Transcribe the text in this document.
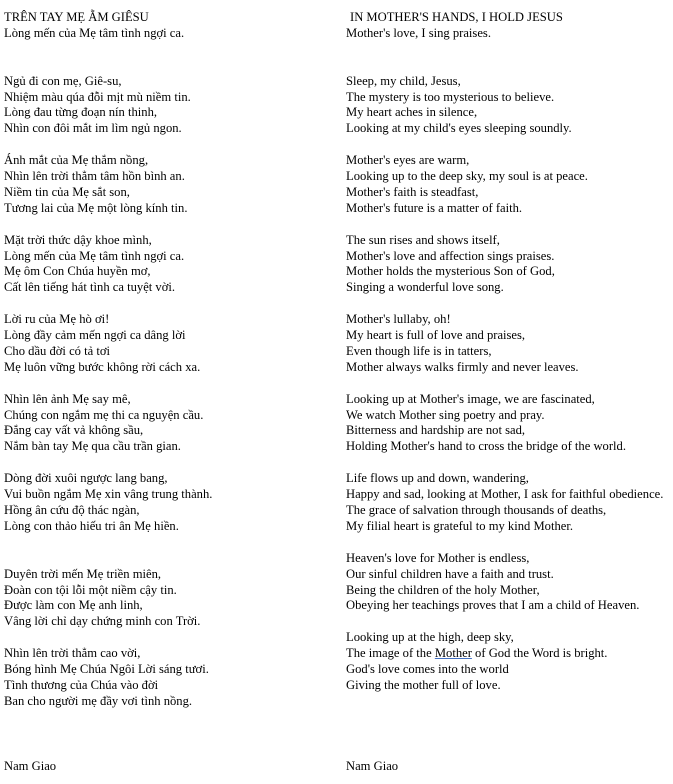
TRÊN TAY MẸ ẴM GIÊSU
Lòng mến của Mẹ tâm tình ngợi ca.
Ngủ đi con mẹ, Giê-su,
Nhiệm màu qúa đỗi mịt mù niềm tin.
Lòng đau từng đoạn nín thinh,
Nhìn con đôi mắt im lìm ngủ ngon.
Ánh mắt của Mẹ thắm nồng,
Nhìn lên trời thẳm tâm hồn bình an.
Niềm tin của Mẹ sắt son,
Tương lai của Mẹ một lòng kính tin.
Mặt trời thức dậy khoe mình,
Lòng mến của Mẹ tâm tình ngợi ca.
Mẹ ôm Con Chúa huyền mơ,
Cất lên tiếng hát tình ca tuyệt vời.
Lời ru của Mẹ hò ơi!
Lòng đầy cảm mến ngợi ca dâng lời
Cho dầu đời có tả tơi
Mẹ luôn vững bước không rời cách xa.
Nhìn lên ảnh Mẹ say mê,
Chúng con ngắm mẹ thi ca nguyện cầu.
Đắng cay vất vả không sầu,
Nắm bàn tay Mẹ qua cầu trần gian.
Dòng đời xuôi ngược lang bang,
Vui buồn ngắm Mẹ xin vâng trung thành.
Hồng ân cứu độ thác ngàn,
Lòng con thảo hiếu tri ân Mẹ hiền.
Duyên trời mến Mẹ triền miên,
Đoàn con tội lỗi một niềm cậy tin.
Được làm con Mẹ anh linh,
Vâng lời chỉ dạy chứng minh con Trời.
Nhìn lên trời thẳm cao vời,
Bóng hình Mẹ Chúa Ngôi Lời sáng tươi.
Tình thương của Chúa vào đời
Ban cho người mẹ đầy vơi tình nồng.
IN MOTHER'S HANDS, I HOLD JESUS
Mother's love, I sing praises.
Sleep, my child, Jesus,
The mystery is too mysterious to believe.
My heart aches in silence,
Looking at my child's eyes sleeping soundly.
Mother's eyes are warm,
Looking up to the deep sky, my soul is at peace.
Mother's faith is steadfast,
Mother's future is a matter of faith.
The sun rises and shows itself,
Mother's love and affection sings praises.
Mother holds the mysterious Son of God,
Singing a wonderful love song.
Mother's lullaby, oh!
My heart is full of love and praises,
Even though life is in tatters,
Mother always walks firmly and never leaves.
Looking up at Mother's image, we are fascinated,
We watch Mother sing poetry and pray.
Bitterness and hardship are not sad,
Holding Mother's hand to cross the bridge of the world.
Life flows up and down, wandering,
Happy and sad, looking at Mother, I ask for faithful obedience.
The grace of salvation through thousands of deaths,
My filial heart is grateful to my kind Mother.
Heaven's love for Mother is endless,
Our sinful children have a faith and trust.
Being the children of the holy Mother,
Obeying her teachings proves that I am a child of Heaven.
Looking up at the high, deep sky,
The image of the Mother of God the Word is bright.
God's love comes into the world
Giving the mother full of love.
Nam Giao	Nam Giao
